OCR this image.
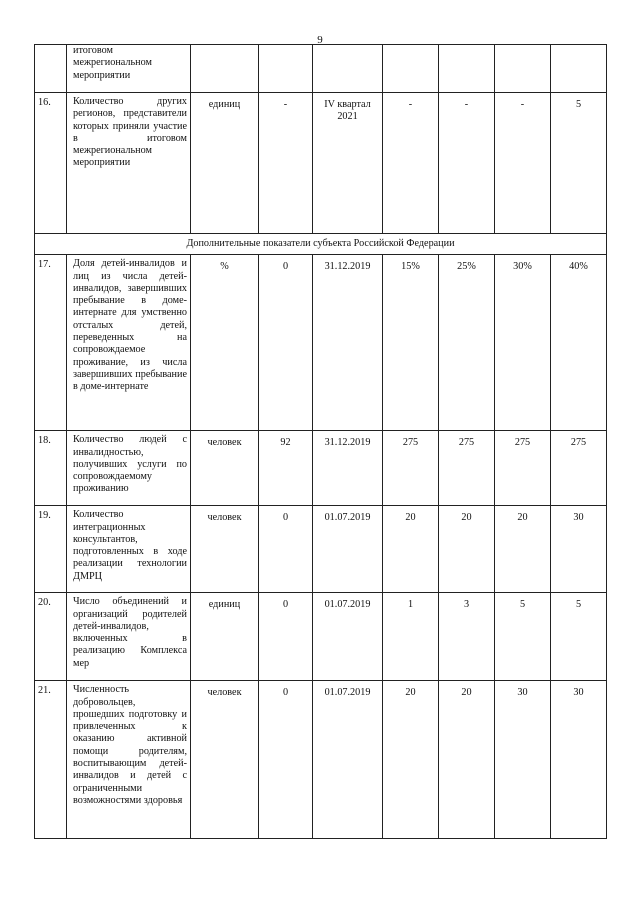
9
	итоговом межрегиональном мероприятии							
16.	Количество других регионов, представители которых приняли участие в итоговом межрегиональном мероприятии	единиц	-	IV квартал 2021	-	-	-	5
Дополнительные показатели субъекта Российской Федерации								
17.	Доля детей-инвалидов и лиц из числа детей-инвалидов, завершивших пребывание в доме-интернате для умственно отсталых детей, переведенных на сопровождаемое проживание, из числа завершивших пребывание в доме-интернате	%	0	31.12.2019	15%	25%	30%	40%
18.	Количество людей с инвалидностью, получивших услуги по сопровождаемому проживанию	человек	92	31.12.2019	275	275	275	275
19.	Количество интеграционных консультантов, подготовленных в ходе реализации технологии ДМРЦ	человек	0	01.07.2019	20	20	20	30
20.	Число объединений и организаций родителей детей-инвалидов, включенных в реализацию Комплекса мер	единиц	0	01.07.2019	1	3	5	5
21.	Численность добровольцев, прошедших подготовку и привлеченных к оказанию активной помощи родителям, воспитывающим детей-инвалидов и детей с ограниченными возможностями здоровья	человек	0	01.07.2019	20	20	30	30
